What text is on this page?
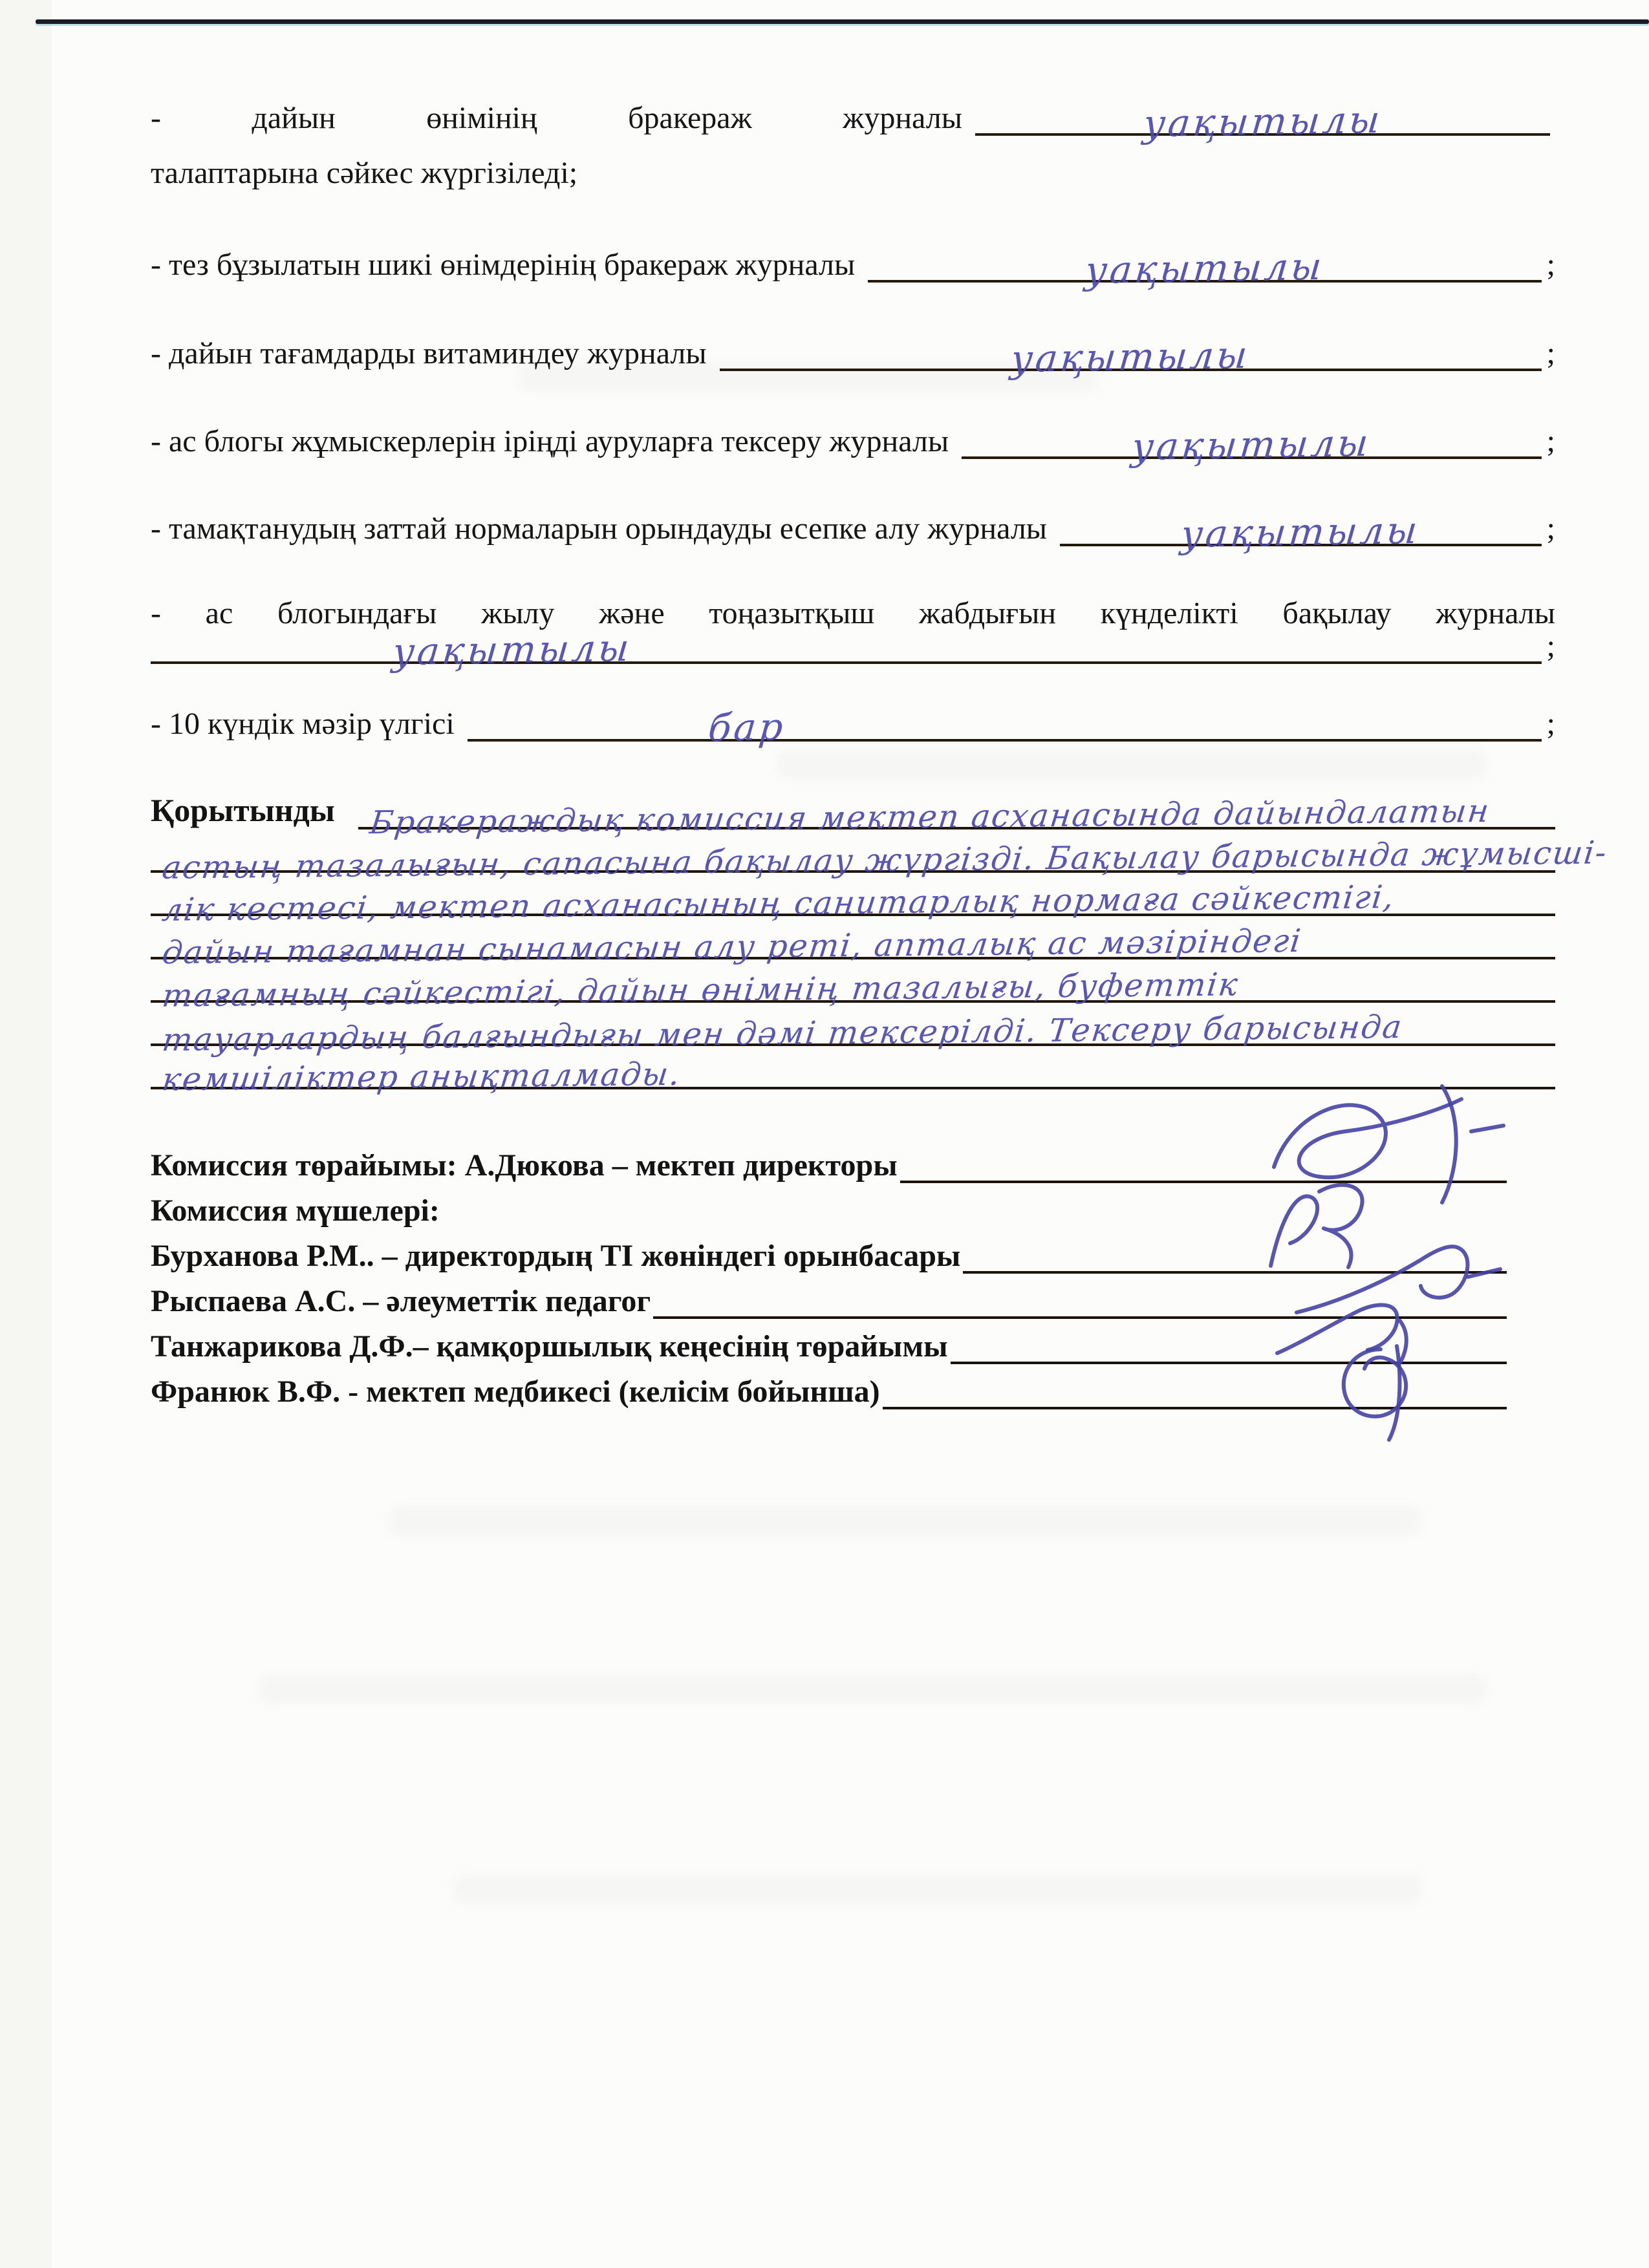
-	дайын	өнімінің	бракераж	журналы	уақытылы
талаптарына сәйкес жүргізіледі;
- тез бұзылатын шикі өнімдерінің бракераж журналы	уақытылы	;
- дайын тағамдарды витаминдеу журналы	уақытылы	;
- ас блогы жұмыскерлерін іріңді ауруларға тексеру журналы	уақытылы	;
- тамақтанудың заттай нормаларын орындауды есепке алу журналы	уақытылы	;
- ас блогындағы жылу және тоңазытқыш жабдығын күнделікті бақылау журналы
уақытылы	;
- 10 күндік мәзір үлгісі	бар	;
Қорытынды	Бракераждық комиссия мектеп асханасында дайындалатын
астың тазалығын, сапасына бақылау жүргізді. Бақылау барысында жұмысші-
лік кестесі, мектеп асханасының санитарлық нормаға сәйкестігі,
дайын тағамнан сынамасын алу реті, апталық ас мәзіріндегі
тағамның сәйкестігі, дайын өнімнің тазалығы, буфеттік
тауарлардың балғындығы мен дәмі тексерілді. Тексеру барысында
кемшіліктер анықталмады.
Комиссия төрайымы: А.Дюкова – мектеп директоры
Комиссия мүшелері:
Бурханова Р.М.. – директордың ТІ жөніндегі орынбасары
Рыспаева А.С. – әлеуметтік педагог
Танжарикова Д.Ф.– қамқоршылық кеңесінің төрайымы
Франюк В.Ф. - мектеп медбикесі (келісім бойынша)
